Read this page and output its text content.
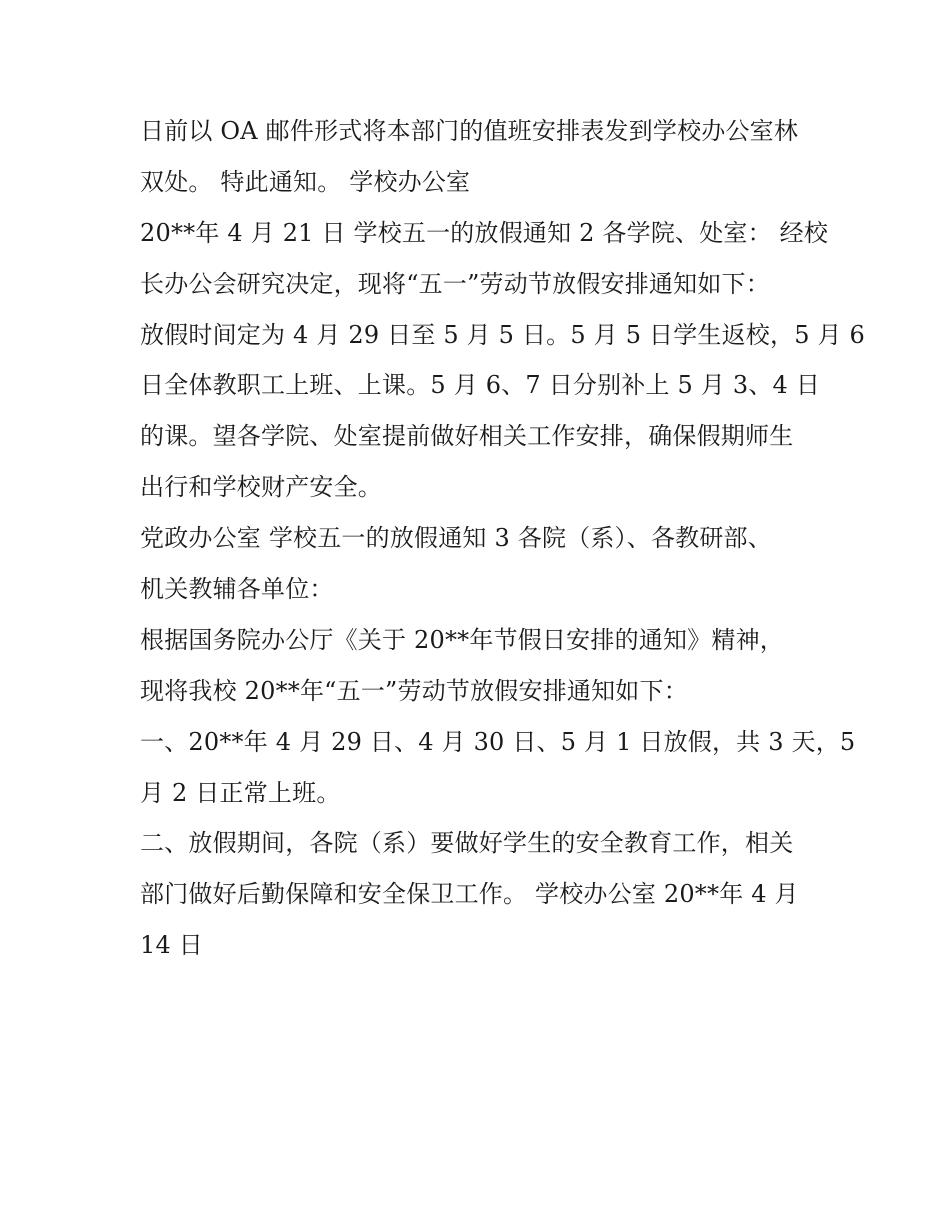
日前以 OA 邮件形式将本部门的值班安排表发到学校办公室林
双处。 特此通知。 学校办公室
20**年 4 月 21 日 学校五一的放假通知 2 各学院、处室： 经校
长办公会研究决定，现将“五一”劳动节放假安排通知如下：
放假时间定为 4 月 29 日至 5 月 5 日。5 月 5 日学生返校，5 月 6
日全体教职工上班、上课。5 月 6、7 日分别补上 5 月 3、4 日
的课。望各学院、处室提前做好相关工作安排，确保假期师生
出行和学校财产安全。
党政办公室 学校五一的放假通知 3 各院（系）、各教研部、
机关教辅各单位：
根据国务院办公厅《关于 20**年节假日安排的通知》精神，
现将我校 20**年“五一”劳动节放假安排通知如下：
一、20**年 4 月 29 日、4 月 30 日、5 月 1 日放假，共 3 天，5
月 2 日正常上班。
二、放假期间，各院（系）要做好学生的安全教育工作，相关
部门做好后勤保障和安全保卫工作。 学校办公室 20**年 4 月
14 日
